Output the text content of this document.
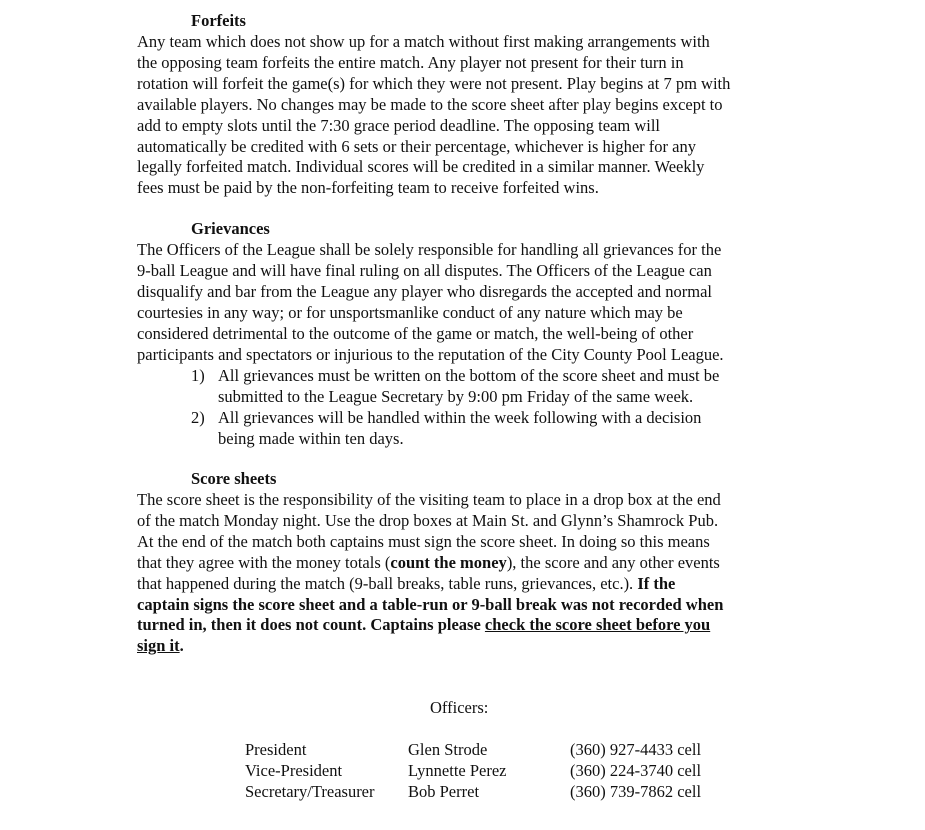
Forfeits
Any team which does not show up for a match without first making arrangements with
the opposing team forfeits the entire match. Any player not present for their turn in
rotation will forfeit the game(s) for which they were not present. Play begins at 7 pm with
available players. No changes may be made to the score sheet after play begins except to
add to empty slots until the 7:30 grace period deadline. The opposing team will
automatically be credited with 6 sets or their percentage, whichever is higher for any
legally forfeited match. Individual scores will be credited in a similar manner. Weekly
fees must be paid by the non-forfeiting team to receive forfeited wins.
Grievances
The Officers of the League shall be solely responsible for handling all grievances for the
9-ball League and will have final ruling on all disputes. The Officers of the League can
disqualify and bar from the League any player who disregards the accepted and normal
courtesies in any way; or for unsportsmanlike conduct of any nature which may be
considered detrimental to the outcome of the game or match, the well-being of other
participants and spectators or injurious to the reputation of the City County Pool League.
1) All grievances must be written on the bottom of the score sheet and must be
submitted to the League Secretary by 9:00 pm Friday of the same week.
2) All grievances will be handled within the week following with a decision
being made within ten days.
Score sheets
The score sheet is the responsibility of the visiting team to place in a drop box at the end
of the match Monday night. Use the drop boxes at Main St. and Glynn’s Shamrock Pub.
At the end of the match both captains must sign the score sheet. In doing so this means
that they agree with the money totals (count the money), the score and any other events
that happened during the match (9-ball breaks, table runs, grievances, etc.). If the
captain signs the score sheet and a table-run or 9-ball break was not recorded when
turned in, then it does not count. Captains please check the score sheet before you
sign it.
Officers:
President	Glen Strode	(360) 927-4433 cell
Vice-President	Lynnette Perez	(360) 224-3740 cell
Secretary/Treasurer	Bob Perret	(360) 739-7862 cell
